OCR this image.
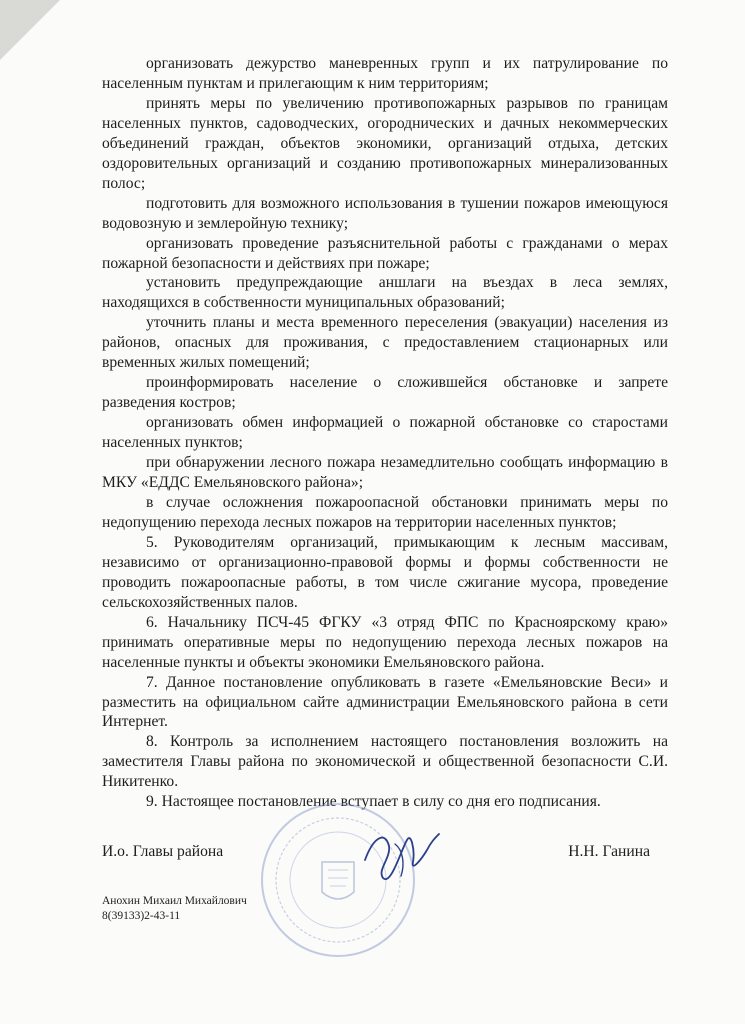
организовать дежурство маневренных групп и их патрулирование по населенным пунктам и прилегающим к ним территориям;

принять меры по увеличению противопожарных разрывов по границам населенных пунктов, садоводческих, огороднических и дачных некоммерческих объединений граждан, объектов экономики, организаций отдыха, детских оздоровительных организаций и созданию противопожарных минерализованных полос;

подготовить для возможного использования в тушении пожаров имеющуюся водовозную и землеройную технику;

организовать проведение разъяснительной работы с гражданами о мерах пожарной безопасности и действиях при пожаре;

установить предупреждающие аншлаги на въездах в леса землях, находящихся в собственности муниципальных образований;

уточнить планы и места временного переселения (эвакуации) населения из районов, опасных для проживания, с предоставлением стационарных или временных жилых помещений;

проинформировать население о сложившейся обстановке и запрете разведения костров;

организовать обмен информацией о пожарной обстановке со старостами населенных пунктов;

при обнаружении лесного пожара незамедлительно сообщать информацию в МКУ «ЕДДС Емельяновского района»;

в случае осложнения пожароопасной обстановки принимать меры по недопущению перехода лесных пожаров на территории населенных пунктов;

5. Руководителям организаций, примыкающим к лесным массивам, независимо от организационно-правовой формы и формы собственности не проводить пожароопасные работы, в том числе сжигание мусора, проведение сельскохозяйственных палов.

6. Начальнику ПСЧ-45 ФГКУ «3 отряд ФПС по Красноярскому краю» принимать оперативные меры по недопущению перехода лесных пожаров на населенные пункты и объекты экономики Емельяновского района.

7. Данное постановление опубликовать в газете «Емельяновские Веси» и разместить на официальном сайте администрации Емельяновского района в сети Интернет.

8. Контроль за исполнением настоящего постановления возложить на заместителя Главы района по экономической и общественной безопасности С.И. Никитенко.

9. Настоящее постановление вступает в силу со дня его подписания.

И.о. Главы района	Н.Н. Ганина
Анохин Михаил Михайлович
8(39133)2-43-11
